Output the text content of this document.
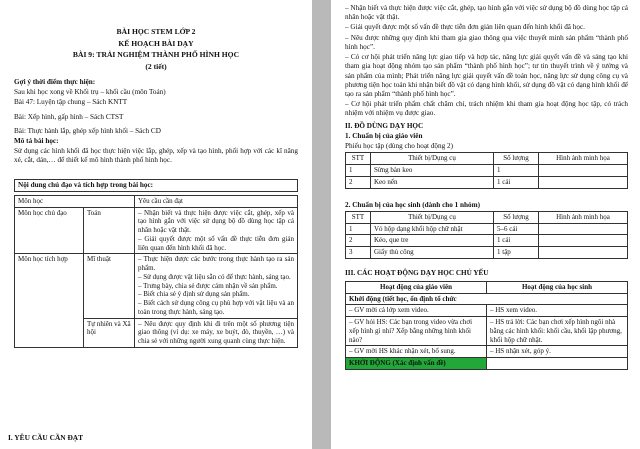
BÀI HỌC STEM LỚP 2

KẾ HOẠCH BÀI DẠY

BÀI 9: TRẢI NGHIỆM THÀNH PHỐ HÌNH HỌC

(2 tiết)

Gợi ý thời điểm thực hiện:

Sau khi học xong về Khối trụ – khối cầu (môn Toán)

Bài 47: Luyện tập chung – Sách KNTT

Bài: Xếp hình, gấp hình – Sách CTST

Bài: Thực hành lắp, ghép xếp hình khối – Sách CD

Mô tả bài học:

Sử dụng các hình khối đã học thực hiện việc lắp, ghép, xếp và tạo hình, phối hợp với các kĩ năng xé, cắt, dán,… để thiết kế mô hình thành phố hình học.

Nội dung chủ đạo và tích hợp trong bài học:
Môn học		Yêu cầu cần đạt
Môn học chủ đạo	Toán	– Nhận biết và thực hiện được việc cắt, ghép, xếp và tạo hình gắn với việc sử dụng bộ đồ dùng học tập cá nhân hoặc vật thật.
– Giải quyết được một số vấn đề thực tiễn đơn giản liên quan đến hình khối đã học.

Môn học tích hợp	Mĩ thuật	– Thực hiện được các bước trong thực hành tạo ra sản phẩm.
– Sử dụng được vật liệu sẵn có để thực hành, sáng tạo.
– Trưng bày, chia sẻ được cảm nhận về sản phẩm.
– Biết chia sẻ ý định sử dụng sản phẩm.
– Biết cách sử dụng công cụ phù hợp với vật liệu và an toàn trong thực hành, sáng tạo.

	Tự nhiên và Xã hội	– Nêu được quy định khi đi trên một số phương tiện giao thông (ví dụ: xe máy, xe buýt, đò, thuyền, …) và chia sẻ với những người xung quanh cùng thực hiện.
I. YÊU CẦU CẦN ĐẠT

– Nhận biết và thực hiện được việc cắt, ghép, tạo hình gắn với việc sử dụng bộ đồ dùng học tập cá nhân hoặc vật thật.

– Giải quyết được một số vấn đề thực tiễn đơn giản liên quan đến hình khối đã học.

– Nêu được những quy định khi tham gia giao thông qua việc thuyết minh sản phẩm “thành phố hình học”.

– Có cơ hội phát triển năng lực giao tiếp và hợp tác, năng lực giải quyết vấn đề và sáng tạo khi tham gia hoạt động nhóm tạo sản phẩm “thành phố hình học”; tư tin thuyết trình về ý tưởng và sản phẩm của mình; Phát triển năng lực giải quyết vấn đề toán học, năng lực sử dụng công cụ và phương tiện học toán khi nhận biết đồ vật có dạng hình khối, sử dụng đồ vật có dạng hình khối để tạo ra sản phẩm “thành phố hình học”.

– Cơ hội phát triển phẩm chất chăm chỉ, trách nhiệm khi tham gia hoạt động học tập, có trách nhiệm với nhiệm vụ được giao.

II. ĐỒ DÙNG DẠY HỌC

1. Chuẩn bị của giáo viên

Phiếu học tập (dùng cho hoạt động 2)

STT	Thiết bị/Dụng cụ	Số lượng	Hình ảnh minh họa
1	Sừng bàn keo	1	
2	Keo nến	1 cái	

2. Chuẩn bị của học sinh (dành cho 1 nhóm)

STT	Thiết bị/Dụng cụ	Số lượng	Hình ảnh minh họa
1	Vỏ hộp dạng khối hộp chữ nhật	5–6 cái	
2	Kéo, que tre	1 cái	
3	Giấy thủ công	1 tập	

III. CÁC HOẠT ĐỘNG DẠY HỌC CHỦ YẾU

Hoạt động của giáo viên	Hoạt động của học sinh
Khởi động (tiết học, ổn định tổ chức	
– GV mời cả lớp xem video.	– HS xem video.
– GV hỏi HS: Các bạn trong video vừa chơi xếp hình gì nhỉ? Xếp bằng những hình khối nào?	– HS trả lời: Các bạn chơi xếp hình ngôi nhà bằng các hình khối: khối cầu, khối lập phương, khối hộp chữ nhật.
– GV mời HS khác nhận xét, bổ sung.	– HS nhận xét, góp ý.
KHỞI ĐỘNG (Xác định vấn đề)	
